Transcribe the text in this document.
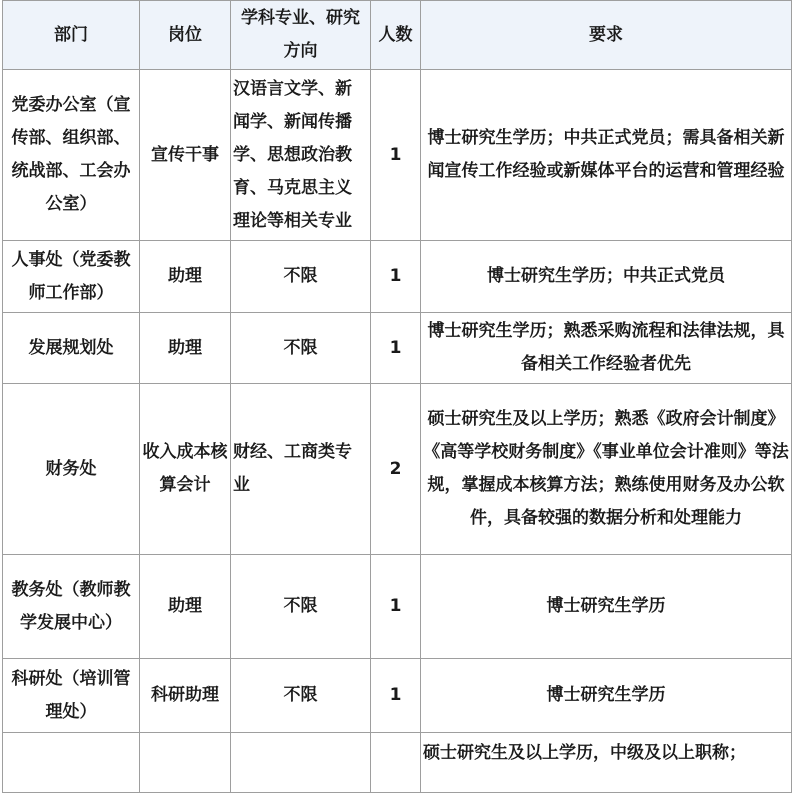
部门	岗位	学科专业、研究方向	人数	要求
党委办公室（宣传部、组织部、统战部、工会办公室）	宣传干事	汉语言文学、新闻学、新闻传播学、思想政治教育、马克思主义理论等相关专业	1	博士研究生学历；中共正式党员；需具备相关新闻宣传工作经验或新媒体平台的运营和管理经验
人事处（党委教师工作部）	助理	不限	1	博士研究生学历；中共正式党员
发展规划处	助理	不限	1	博士研究生学历；熟悉采购流程和法律法规，具备相关工作经验者优先
财务处	收入成本核算会计	财经、工商类专业	2	硕士研究生及以上学历；熟悉《政府会计制度》《高等学校财务制度》《事业单位会计准则》等法规，掌握成本核算方法；熟练使用财务及办公软件，具备较强的数据分析和处理能力
教务处（教师教学发展中心）	助理	不限	1	博士研究生学历
科研处（培训管理处）	科研助理	不限	1	博士研究生学历
				硕士研究生及以上学历，中级及以上职称；
